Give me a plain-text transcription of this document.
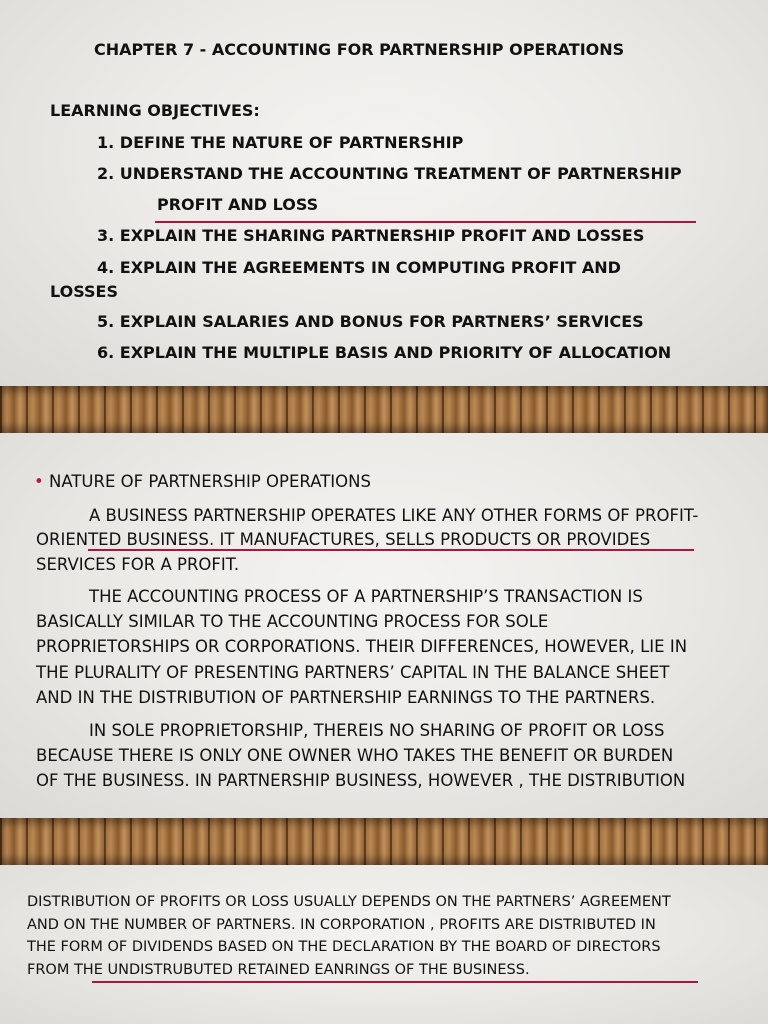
CHAPTER 7 - ACCOUNTING FOR PARTNERSHIP OPERATIONS
LEARNING OBJECTIVES:
1. DEFINE THE NATURE OF PARTNERSHIP
2. UNDERSTAND THE ACCOUNTING TREATMENT OF PARTNERSHIP
PROFIT AND LOSS
3. EXPLAIN THE SHARING PARTNERSHIP PROFIT AND LOSSES
4. EXPLAIN THE AGREEMENTS IN COMPUTING PROFIT AND
LOSSES
5. EXPLAIN SALARIES AND BONUS FOR PARTNERS’ SERVICES
6. EXPLAIN THE MULTIPLE BASIS AND PRIORITY OF ALLOCATION
• NATURE OF PARTNERSHIP OPERATIONS
A BUSINESS PARTNERSHIP OPERATES LIKE ANY OTHER FORMS OF PROFIT-
ORIENTED BUSINESS. IT MANUFACTURES, SELLS PRODUCTS OR PROVIDES
SERVICES FOR A PROFIT.
THE ACCOUNTING PROCESS OF A PARTNERSHIP’S TRANSACTION IS
BASICALLY SIMILAR TO THE ACCOUNTING PROCESS FOR SOLE
PROPRIETORSHIPS OR CORPORATIONS. THEIR DIFFERENCES, HOWEVER, LIE IN
THE PLURALITY OF PRESENTING PARTNERS’ CAPITAL IN THE BALANCE SHEET
AND IN THE DISTRIBUTION OF PARTNERSHIP EARNINGS TO THE PARTNERS.
IN SOLE PROPRIETORSHIP, THEREIS NO SHARING OF PROFIT OR LOSS
BECAUSE THERE IS ONLY ONE OWNER WHO TAKES THE BENEFIT OR BURDEN
OF THE BUSINESS. IN PARTNERSHIP BUSINESS, HOWEVER , THE DISTRIBUTION
DISTRIBUTION OF PROFITS OR LOSS USUALLY DEPENDS ON THE PARTNERS’ AGREEMENT
AND ON THE NUMBER OF PARTNERS. IN CORPORATION , PROFITS ARE DISTRIBUTED IN
THE FORM OF DIVIDENDS BASED ON THE DECLARATION BY THE BOARD OF DIRECTORS
FROM THE UNDISTRUBUTED RETAINED EANRINGS OF THE BUSINESS.
